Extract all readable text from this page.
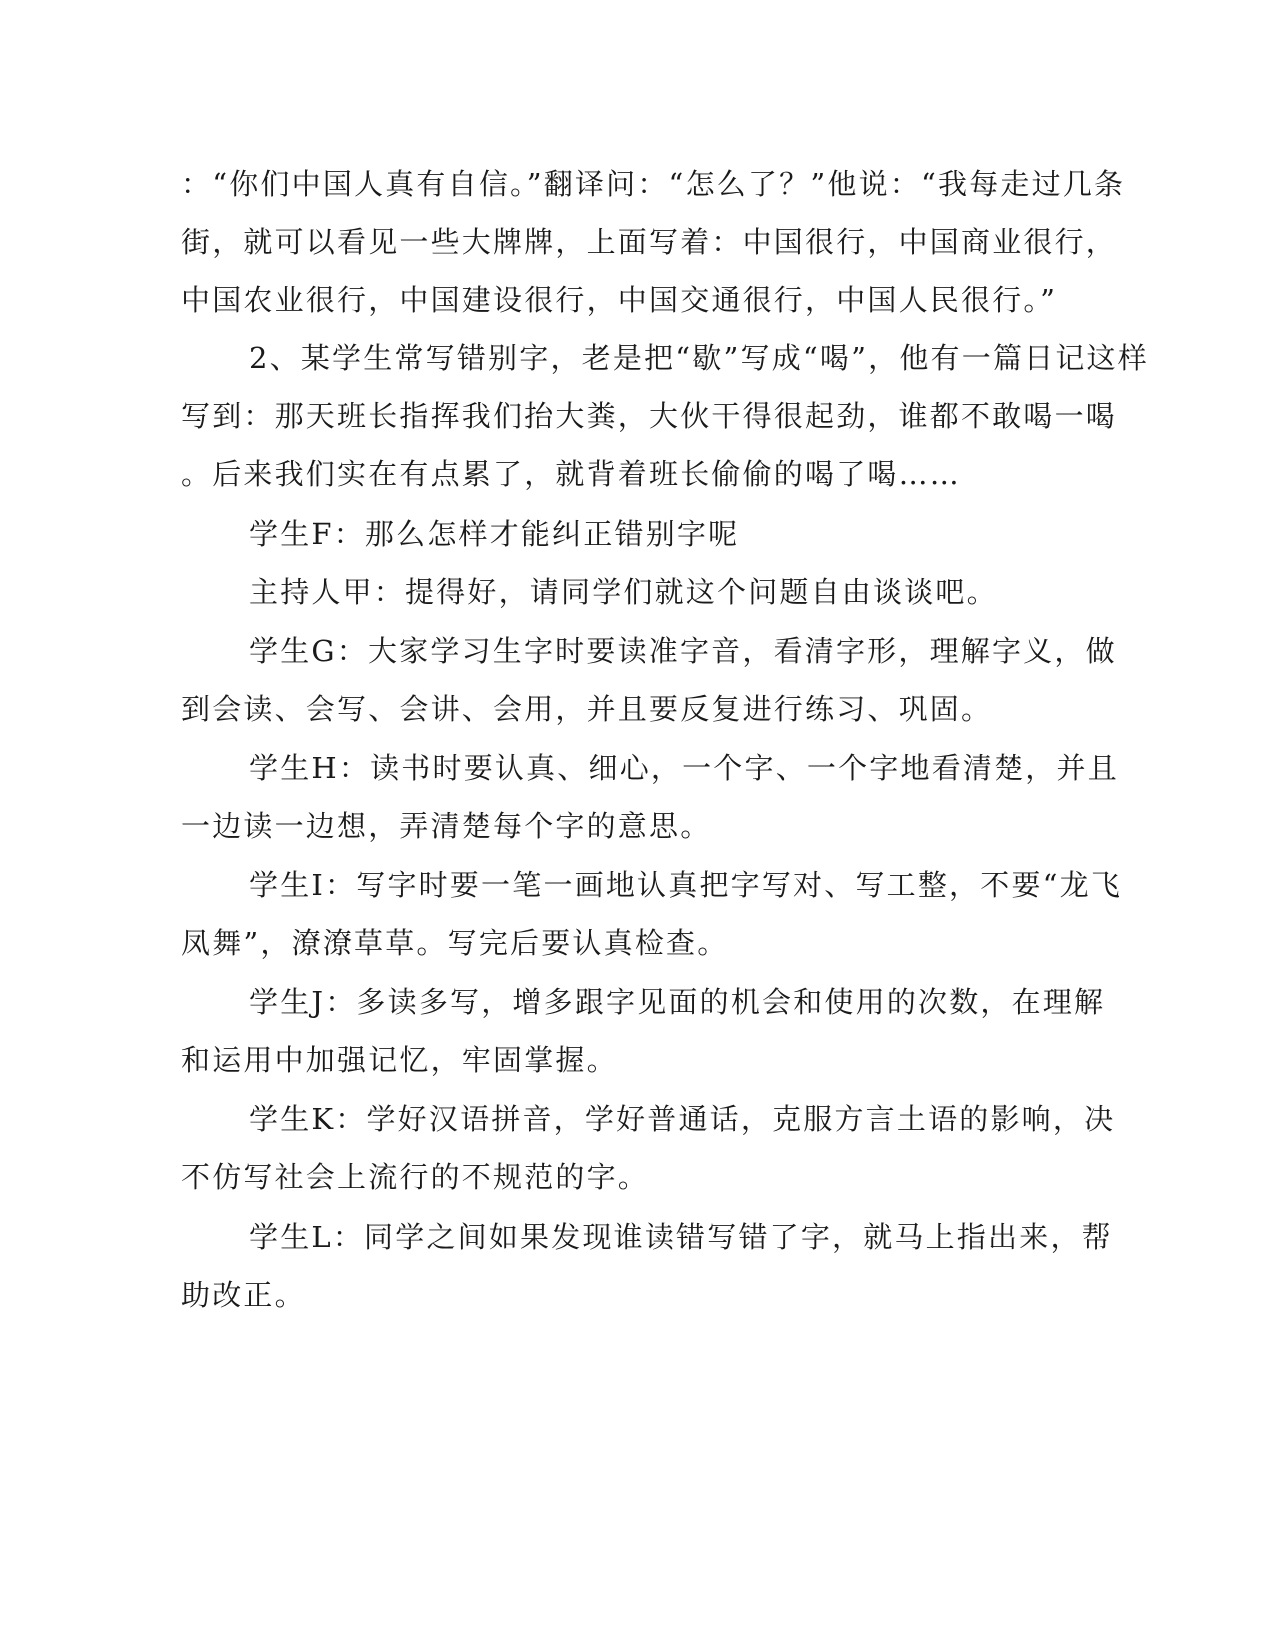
：“你们中国人真有自信。”翻译问：“怎么了？”他说：“我每走过几条
街，就可以看见一些大牌牌，上面写着：中国很行，中国商业很行，
中国农业很行，中国建设很行，中国交通很行，中国人民很行。”
2、某学生常写错别字，老是把“歇”写成“喝”，他有一篇日记这样
写到：那天班长指挥我们抬大粪，大伙干得很起劲，谁都不敢喝一喝
。后来我们实在有点累了，就背着班长偷偷的喝了喝……
学生F：那么怎样才能纠正错别字呢
主持人甲：提得好，请同学们就这个问题自由谈谈吧。
学生G：大家学习生字时要读准字音，看清字形，理解字义，做
到会读、会写、会讲、会用，并且要反复进行练习、巩固。
学生H：读书时要认真、细心，一个字、一个字地看清楚，并且
一边读一边想，弄清楚每个字的意思。
学生I：写字时要一笔一画地认真把字写对、写工整，不要“龙飞
凤舞”，潦潦草草。写完后要认真检查。
学生J：多读多写，增多跟字见面的机会和使用的次数，在理解
和运用中加强记忆，牢固掌握。
学生K：学好汉语拼音，学好普通话，克服方言土语的影响，决
不仿写社会上流行的不规范的字。
学生L：同学之间如果发现谁读错写错了字，就马上指出来，帮
助改正。
